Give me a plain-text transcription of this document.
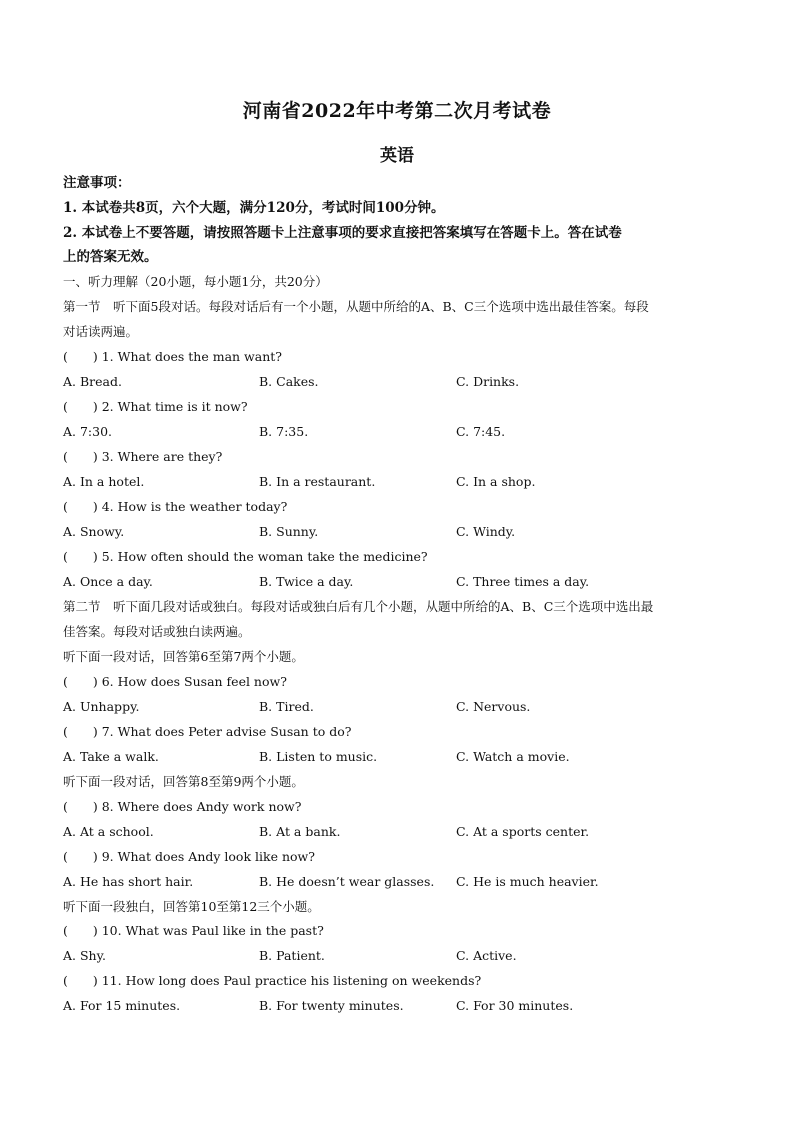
河南省2022年中考第二次月考试卷
英语
注意事项：
1. 本试卷共8页，六个大题，满分120分，考试时间100分钟。
2. 本试卷上不要答题，请按照答题卡上注意事项的要求直接把答案填写在答题卡上。答在试卷
上的答案无效。
一、听力理解（20小题，每小题1分，共20分）
第一节　听下面5段对话。每段对话后有一个小题，从题中所给的A、B、C三个选项中选出最佳答案。每段
对话读两遍。
(　　) 1. What does the man want?
A. Bread.	B. Cakes.	C. Drinks.
(　　) 2. What time is it now?
A. 7:30.	B. 7:35.	C. 7:45.
(　　) 3. Where are they?
A. In a hotel.	B. In a restaurant.	C. In a shop.
(　　) 4. How is the weather today?
A. Snowy.	B. Sunny.	C. Windy.
(　　) 5. How often should the woman take the medicine?
A. Once a day.	B. Twice a day.	C. Three times a day.
第二节　听下面几段对话或独白。每段对话或独白后有几个小题，从题中所给的A、B、C三个选项中选出最
佳答案。每段对话或独白读两遍。
听下面一段对话，回答第6至第7两个小题。
(　　) 6. How does Susan feel now?
A. Unhappy.	B. Tired.	C. Nervous.
(　　) 7. What does Peter advise Susan to do?
A. Take a walk.	B. Listen to music.	C. Watch a movie.
听下面一段对话，回答第8至第9两个小题。
(　　) 8. Where does Andy work now?
A. At a school.	B. At a bank.	C. At a sports center.
(　　) 9. What does Andy look like now?
A. He has short hair.	B. He doesn’t wear glasses. C. He is much heavier.
听下面一段独白，回答第10至第12三个小题。
(　　) 10. What was Paul like in the past?
A. Shy.	B. Patient.	C. Active.
(　　) 11. How long does Paul practice his listening on weekends?
A. For 15 minutes.	B. For twenty minutes.	C. For 30 minutes.
